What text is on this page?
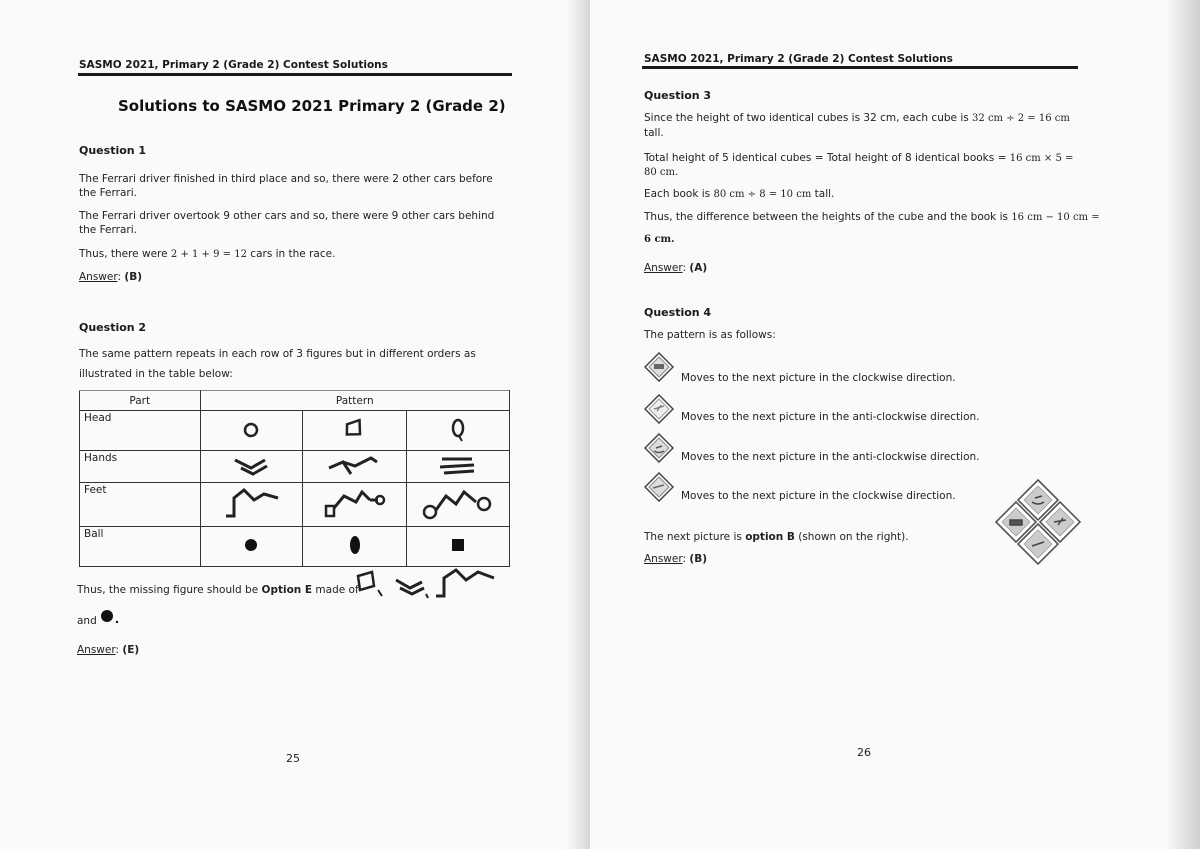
SASMO 2021, Primary 2 (Grade 2) Contest Solutions
Solutions to SASMO 2021 Primary 2 (Grade 2)
Question 1
The Ferrari driver finished in third place and so, there were 2 other cars before the Ferrari.
The Ferrari driver overtook 9 other cars and so, there were 9 other cars behind the Ferrari.
Thus, there were 2 + 1 + 9 = 12 cars in the race.
Answer: (B)
Question 2
The same pattern repeats in each row of 3 figures but in different orders as illustrated in the table below:
Part	Pattern		
Head			
Hands			
Feet			
Ball			
Thus, the missing figure should be Option E made of
and
Answer: (E)
25
SASMO 2021, Primary 2 (Grade 2) Contest Solutions
Question 3
Since the height of two identical cubes is 32 cm, each cube is 32 cm ÷ 2 = 16 cm
tall.
Total height of 5 identical cubes = Total height of 8 identical books = 16 cm × 5 =
80 cm.
Each book is 80 cm ÷ 8 = 10 cm tall.
Thus, the difference between the heights of the cube and the book is 16 cm − 10 cm =
6 cm.
Answer: (A)
Question 4
The pattern is as follows:
Moves to the next picture in the clockwise direction.
Moves to the next picture in the anti-clockwise direction.
Moves to the next picture in the anti-clockwise direction.
Moves to the next picture in the clockwise direction.
The next picture is option B (shown on the right).
Answer: (B)
26
